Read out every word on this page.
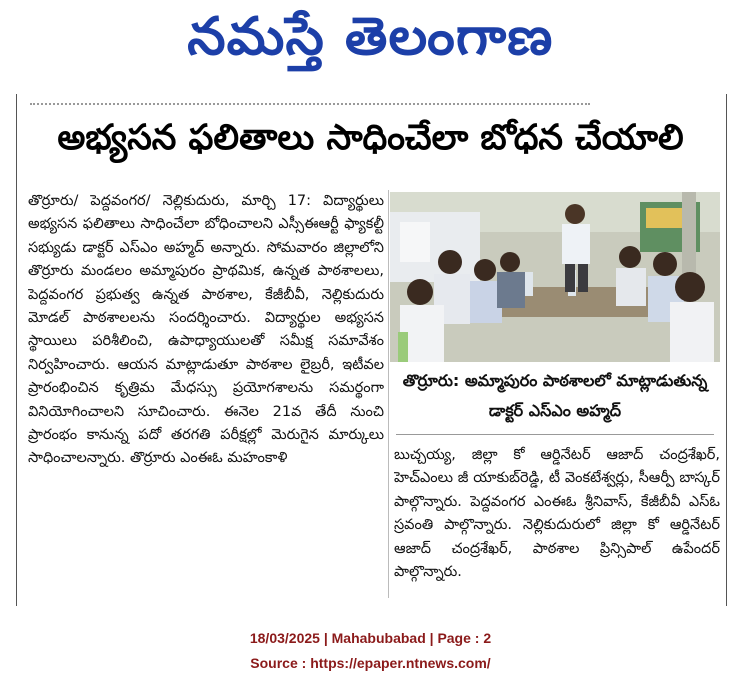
నమస్తే తెలంగాణ
అభ్యసన ఫలితాలు సాధించేలా బోధన చేయాలి
తొర్రూరు/ పెద్దవంగర/ నెల్లికుదురు, మార్చి 17: విద్యార్థులు అభ్యసన ఫలితాలు సాధించేలా బోధించాలని ఎస్సీఈఆర్టీ ఫ్యాకల్టీ సభ్యుడు డాక్టర్ ఎస్ఎం అహ్మద్ అన్నారు. సోమవారం జిల్లాలోని తొర్రూరు మండలం అమ్మాపురం ప్రాథమిక, ఉన్నత పాఠశాలలు, పెద్దవంగర ప్రభుత్వ ఉన్నత పాఠశాల, కేజీబీవీ, నెల్లికుదురు మోడల్ పాఠశాలలను సందర్శించారు. విద్యార్థుల అభ్యసన స్థాయిలు పరిశీలించి, ఉపాధ్యాయులతో సమీక్ష సమావేశం నిర్వహించారు. ఆయన మాట్లాడుతూ పాఠశాల లైబ్రరీ, ఇటీవల ప్రారంభించిన కృత్రిమ మేధస్సు ప్రయోగశాలను సమర్థంగా వినియోగించాలని సూచించారు. ఈనెల 21వ తేదీ నుంచి ప్రారంభం కానున్న పదో తరగతి పరీక్షల్లో మెరుగైన మార్కులు సాధించాలన్నారు. తొర్రూరు ఎంఈఓ మహంకాళి
తొర్రూరు: అమ్మాపురం పాఠశాలలో మాట్లాడుతున్న డాక్టర్ ఎస్ఎం అహ్మద్
బుచ్చయ్య, జిల్లా కో ఆర్డినేటర్ ఆజాద్ చంద్రశేఖర్, హెచ్ఎంలు జీ యాకుబ్‌రెడ్డి, టీ వెంకటేశ్వర్లు, సీఆర్పీ బాస్కర్ పాల్గొన్నారు. పెద్దవంగర ఎంఈఓ శ్రీనివాస్, కేజీబీవీ ఎస్ఓ స్రవంతి పాల్గొన్నారు. నెల్లికుదురులో జిల్లా కో ఆర్డినేటర్ ఆజాద్ చంద్రశేఖర్, పాఠశాల ప్రిన్సిపాల్ ఉపేందర్ పాల్గొన్నారు.
18/03/2025 | Mahabubabad | Page : 2
Source : https://epaper.ntnews.com/
